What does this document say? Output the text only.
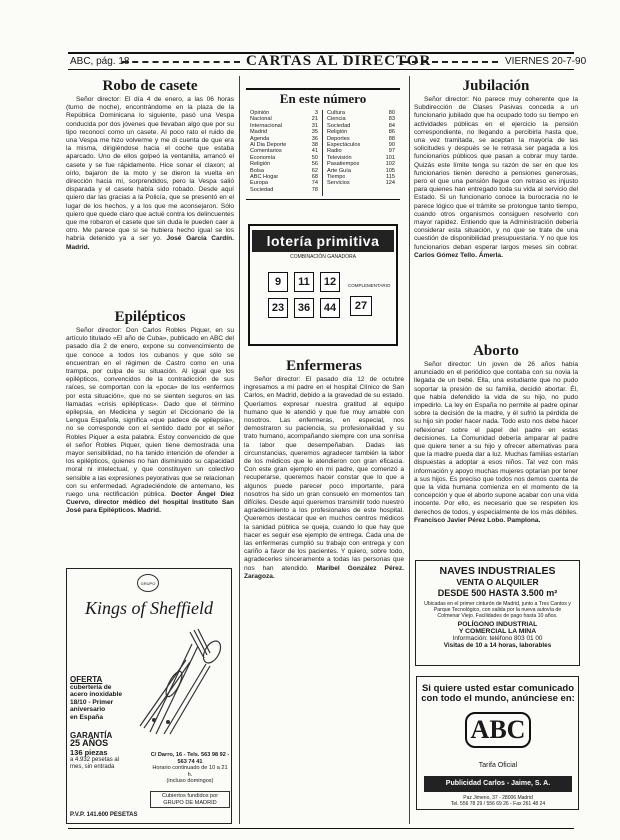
ABC, pág. 18	CARTAS AL DIRECTOR	VIERNES 20-7-90
Robo de casete
Señor director: El día 4 de enero, a las 06 horas (turno de noche), encontrándome en la plaza de la República Dominicana lo siguiente, pasó una Vespa conducida por dos jóvenes que llevaban algo que por su tipo reconocí como un casete. Al poco rato el ruido de una Vespa me hizo volverme y me di cuenta de que era la misma, dirigiéndose hacia el coche que estaba aparcado. Uno de ellos golpeó la ventanilla, arrancó el casete y se fue rápidamente. Hice sonar el claxon; al oírlo, bajaron de la moto y se dieron la vuelta en dirección hacia mí, sorprendidos, pero la Vespa salió disparada y el casete había sido robado. Desde aquí quiero dar las gracias a la Policía, que se presentó en el lugar de los hechos, y a los que me aconsejaron. Sólo quiero que quede claro que actué contra los delincuentes que me robaron el casete que sin duda le pueden caer a otro. Me parece que si se hubiera hecho igual se los habría detenido ya a ser yo. José García Cardín. Madrid.
Epilépticos
Señor director: Don Carlos Robles Piquer, en su artículo titulado «El año de Cuba», publicado en ABC del pasado día 2 de enero, expone su convencimiento de que conoce a todos los cubanos y que sólo se encuentran en el régimen de Castro como en una trampa, por culpa de su situación. Al igual que los epilépticos, convencidos de la contradicción de sus raíces, se comportan con la «poca» de los «enfermos por esta situación», que no se sienten seguros en las llamadas «crisis epilépticas». Dado que el término epilepsia, en Medicina y según el Diccionario de la Lengua Española, significa «que padece de epilepsia», no se corresponde con el sentido dado por el señor Robles Piquer a esta palabra. Estoy convencido de que el señor Robles Piquer, quien tiene demostrada una mayor sensibilidad, no ha tenido intención de ofender a los epilépticos, quienes no han disminuido su capacidad moral ni intelectual, y que constituyen un colectivo sensible a las expresiones peyorativas que se relacionan con su enfermedad. Agradeciéndole de antemano, les ruego una rectificación pública. Doctor Ángel Díez Cuervo, director médico del hospital Instituto San José para Epilépticos. Madrid.
GRUPO
Kings of Sheffield
OFERTA
cubertería de
acero inoxidable
18/10 - Primer
aniversario
en España
GARANTÍA
25 AÑOS
136 piezas
a 4.932 pesetas al mes, sin entrada
P.V.P. 141.600 PESETAS
C/ Darro, 16 - Tels. 563 98 92 - 563 74 41
Horario continuado de 10 a 21 h.
(incluso domingos)
Cubiertos fundidos por GRUPO DE MADRID
En este número
Opinión	3
Nacional	21
Internacional	31
Madrid	35
Agenda	36
Al Dia Deporte	38
Comentarios	41
Economía	50
Religión	56
Bolsa	62
ABC Hogar	68
Europa	74
Sociedad	78
Cultura	80
Ciencia	83
Sociedad	84
Religión	86
Deportes	88
Espectáculos	90
Radio	97
Televisión	101
Pasatiempos	102
Arte Guía	105
Tiempo	115
Servicios	124
lotería primitiva
COMBINACIÓN GANADORA
9	11	12
23	36	44
COMPLEMENTARIO
27
Enfermeras
Señor director: El pasado día 12 de octubre ingresamos a mi padre en el hospital Clínico de San Carlos, en Madrid, debido a la gravedad de su estado. Queríamos expresar nuestra gratitud al equipo humano que le atendió y que fue muy amable con nosotros. Las enfermeras, en especial, nos demostraron su paciencia, su profesionalidad y su trato humano, acompañando siempre con una sonrisa la labor que desempeñaban. Dadas las circunstancias, queremos agradecer también la labor de los médicos que le atendieron con gran eficacia. Con este gran ejemplo en mi padre, que comenzó a recuperarse, queremos hacer constar que lo que a algunos puede parecer poco importante, para nosotros ha sido un gran consuelo en momentos tan difíciles. Desde aquí queremos transmitir todo nuestro agradecimiento a los profesionales de este hospital. Queremos destacar que en muchos centros médicos la sanidad pública se queja, cuando lo que hay que hacer es seguir ese ejemplo de entrega. Cada una de las enfermeras cumplió su trabajo con entrega y con cariño a favor de los pacientes. Y quiero, sobre todo, agradecerles sinceramente a todas las personas que nos han atendido. Maribel González Pérez. Zaragoza.
Jubilación
Señor director: No parece muy coherente que la Subdirección de Clases Pasivas conceda a un funcionario jubilado que ha ocupado todo su tiempo en actividades públicas en el ejercicio la pensión correspondiente, no llegando a percibirla hasta que, una vez tramitada, se aceptan la mayoría de las solicitudes y después se le retrasa ser pagada a los funcionarios públicos que pasan a cobrar muy tarde. Quizás este límite tenga su razón de ser en que los funcionarios tienen derecho a pensiones generosas, pero el que una pensión llegue con retraso es injusto para quienes han entregado toda su vida al servicio del Estado. Si un funcionario conoce la burocracia no le parece lógico que el trámite se prolongue tanto tiempo, cuando otros organismos consiguen resolverlo con mayor rapidez. Entiendo que la Administración debería considerar esta situación, y no que se trate de una cuestión de disponibilidad presupuestaria. Y no que los funcionarios deban esperar largos meses sin cobrar. Carlos Gómez Tello. Ámerla.
Aborto
Señor director: Un joven de 26 años había anunciado en el periódico que contaba con su novia la llegada de un bebé. Ella, una estudiante que no pudo soportar la presión de su familia, decidió abortar. Él, que había defendido la vida de su hijo, no pudo impedirlo. La ley en España no permite al padre opinar sobre la decisión de la madre, y él sufrió la pérdida de su hijo sin poder hacer nada. Todo esto nos debe hacer reflexionar sobre el papel del padre en estas decisiones. La Comunidad debería amparar al padre que quiere tener a su hijo y ofrecer alternativas para que la madre pueda dar a luz. Muchas familias estarían dispuestas a adoptar a esos niños. Tal vez con más información y apoyo muchas mujeres optarían por tener a sus hijos. Es preciso que todos nos demos cuenta de que la vida humana comienza en el momento de la concepción y que el aborto supone acabar con una vida inocente. Por ello, es necesario que se respeten los derechos de todos, y especialmente de los más débiles. Francisco Javier Pérez Lobo. Pamplona.
NAVES INDUSTRIALES
VENTA O ALQUILER
DESDE 500 HASTA 3.500 m²
Ubicadas en el primer cinturón de Madrid, junto a Tres Cantos y Parque Tecnológico, con salida por la nueva autovía de Colmenar Viejo. Facilidades de pago hasta 10 años.
POLÍGONO INDUSTRIAL
Y COMERCIAL LA MINA
Información: teléfono 803 01 00
Visitas de 10 a 14 horas, laborables
Si quiere usted estar comunicado con todo el mundo, anúnciese en:
ABC
Tarifa Oficial
Publicidad Carlos - Jaime, S. A.
Paz Jimeno, 37 - 28006 Madrid
Tel. 556 78 29 / 556 69 26 - Fax 261 48 24
